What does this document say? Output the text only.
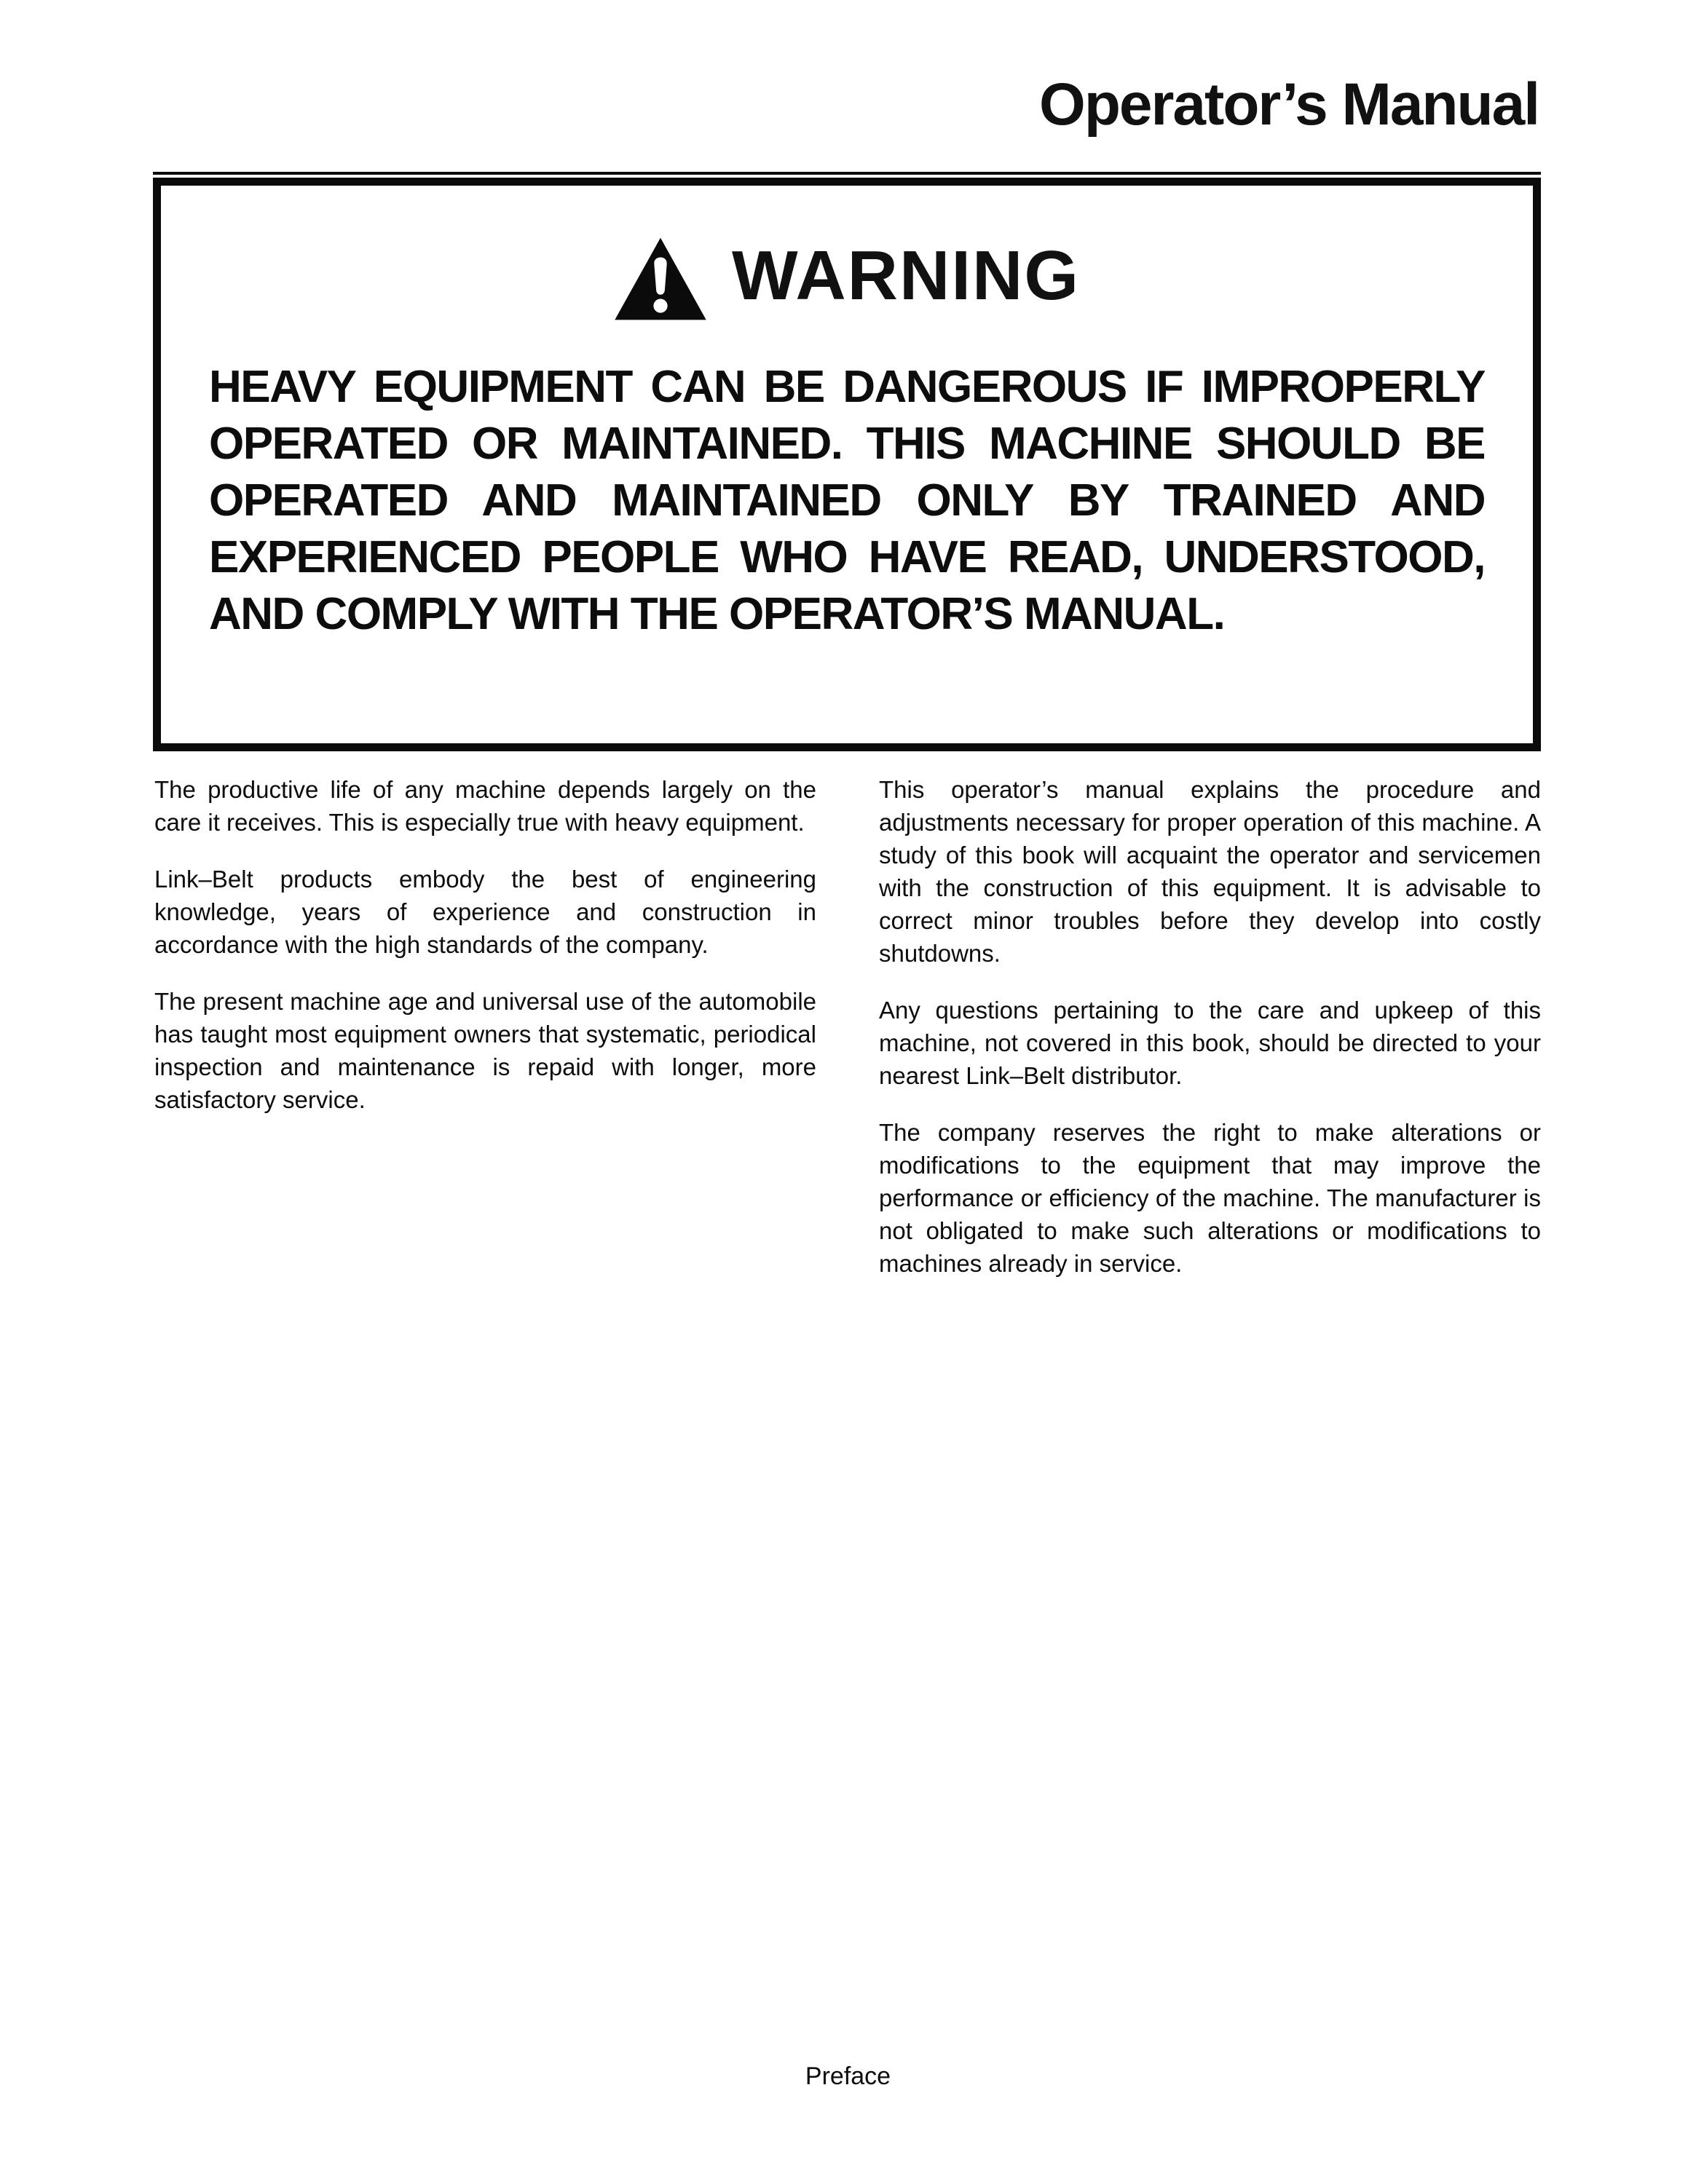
Operator’s Manual
WARNING
HEAVY EQUIPMENT CAN BE DANGEROUS IF IMPROPERLY OPERATED OR MAINTAINED. THIS MACHINE SHOULD BE OPERATED AND MAINTAINED ONLY BY TRAINED AND EXPERIENCED PEOPLE WHO HAVE READ, UNDERSTOOD, AND COMPLY WITH THE OPERATOR’S MANUAL.

The productive life of any machine depends largely on the care it receives. This is especially true with heavy equipment.

Link–Belt products embody the best of engineering knowledge, years of experience and construction in accordance with the high standards of the company.

The present machine age and universal use of the automobile has taught most equipment owners that systematic, periodical inspection and maintenance is repaid with longer, more satisfactory service.

This operator’s manual explains the procedure and adjustments necessary for proper operation of this machine. A study of this book will acquaint the operator and servicemen with the construction of this equipment. It is advisable to correct minor troubles before they develop into costly shutdowns.

Any questions pertaining to the care and upkeep of this machine, not covered in this book, should be directed to your nearest Link–Belt distributor.

The company reserves the right to make alterations or modifications to the equipment that may improve the performance or efficiency of the machine. The manufacturer is not obligated to make such alterations or modifications to machines already in service.

Preface
